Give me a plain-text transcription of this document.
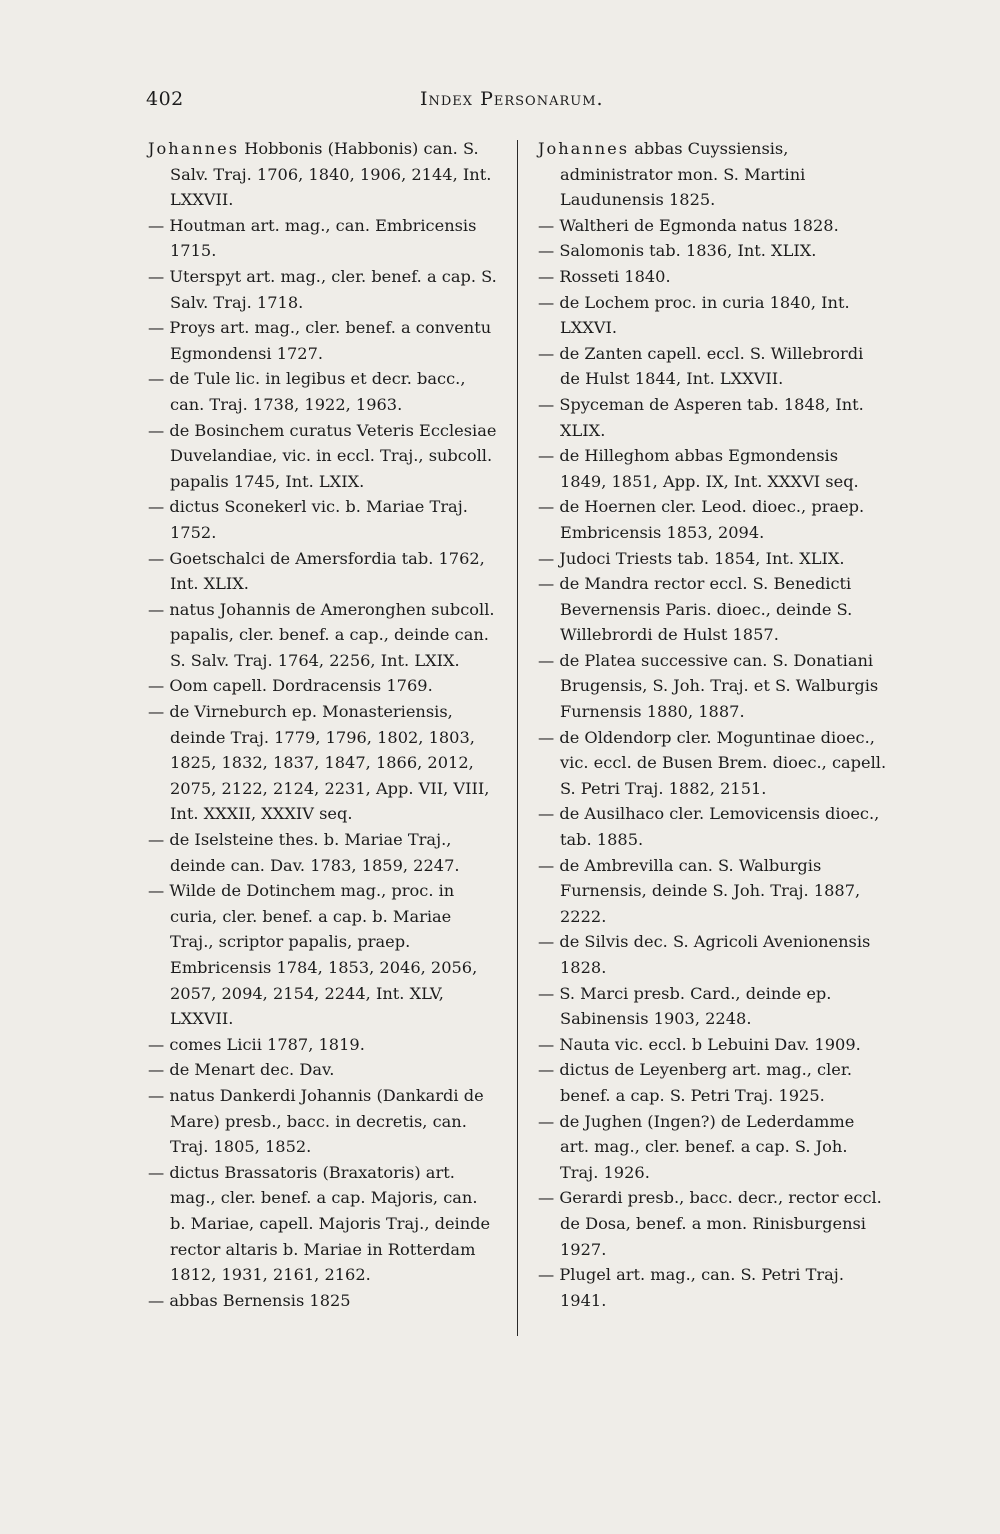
402	Index Personarum.
Johannes Hobbonis (Habbonis) can. S. Salv. Traj. 1706, 1840, 1906, 2144, Int. LXXVII.
— Houtman art. mag., can. Embricensis 1715.
— Uterspyt art. mag., cler. benef. a cap. S. Salv. Traj. 1718.
— Proys art. mag., cler. benef. a conventu Egmondensi 1727.
— de Tule lic. in legibus et decr. bacc., can. Traj. 1738, 1922, 1963.
— de Bosinchem curatus Veteris Ecclesiae Duvelandiae, vic. in eccl. Traj., subcoll. papalis 1745, Int. LXIX.
— dictus Sconekerl vic. b. Mariae Traj. 1752.
— Goetschalci de Amersfordia tab. 1762, Int. XLIX.
— natus Johannis de Ameronghen subcoll. papalis, cler. benef. a cap., deinde can. S. Salv. Traj. 1764, 2256, Int. LXIX.
— Oom capell. Dordracensis 1769.
— de Virneburch ep. Monasteriensis, deinde Traj. 1779, 1796, 1802, 1803, 1825, 1832, 1837, 1847, 1866, 2012, 2075, 2122, 2124, 2231, App. VII, VIII, Int. XXXII, XXXIV seq.
— de Iselsteine thes. b. Mariae Traj., deinde can. Dav. 1783, 1859, 2247.
— Wilde de Dotinchem mag., proc. in curia, cler. benef. a cap. b. Mariae Traj., scriptor papalis, praep. Embricensis 1784, 1853, 2046, 2056, 2057, 2094, 2154, 2244, Int. XLV, LXXVII.
— comes Licii 1787, 1819.
— de Menart dec. Dav.
— natus Dankerdi Johannis (Dankardi de Mare) presb., bacc. in decretis, can. Traj. 1805, 1852.
— dictus Brassatoris (Braxatoris) art. mag., cler. benef. a cap. Majoris, can. b. Mariae, capell. Majoris Traj., deinde rector altaris b. Mariae in Rotterdam 1812, 1931, 2161, 2162.
— abbas Bernensis 1825
Johannes abbas Cuyssiensis, administrator mon. S. Martini Laudunensis 1825.
— Waltheri de Egmonda natus 1828.
— Salomonis tab. 1836, Int. XLIX.
— Rosseti 1840.
— de Lochem proc. in curia 1840, Int. LXXVI.
— de Zanten capell. eccl. S. Willebrordi de Hulst 1844, Int. LXXVII.
— Spyceman de Asperen tab. 1848, Int. XLIX.
— de Hilleghom abbas Egmondensis 1849, 1851, App. IX, Int. XXXVI seq.
— de Hoernen cler. Leod. dioec., praep. Embricensis 1853, 2094.
— Judoci Triests tab. 1854, Int. XLIX.
— de Mandra rector eccl. S. Benedicti Bevernensis Paris. dioec., deinde S. Willebrordi de Hulst 1857.
— de Platea successive can. S. Donatiani Brugensis, S. Joh. Traj. et S. Walburgis Furnensis 1880, 1887.
— de Oldendorp cler. Moguntinae dioec., vic. eccl. de Busen Brem. dioec., capell. S. Petri Traj. 1882, 2151.
— de Ausilhaco cler. Lemovicensis dioec., tab. 1885.
— de Ambrevilla can. S. Walburgis Furnensis, deinde S. Joh. Traj. 1887, 2222.
— de Silvis dec. S. Agricoli Avenionensis 1828.
— S. Marci presb. Card., deinde ep. Sabinensis 1903, 2248.
— Nauta vic. eccl. b Lebuini Dav. 1909.
— dictus de Leyenberg art. mag., cler. benef. a cap. S. Petri Traj. 1925.
— de Jughen (Ingen?) de Lederdamme art. mag., cler. benef. a cap. S. Joh. Traj. 1926.
— Gerardi presb., bacc. decr., rector eccl. de Dosa, benef. a mon. Rinisburgensi 1927.
— Plugel art. mag., can. S. Petri Traj. 1941.
